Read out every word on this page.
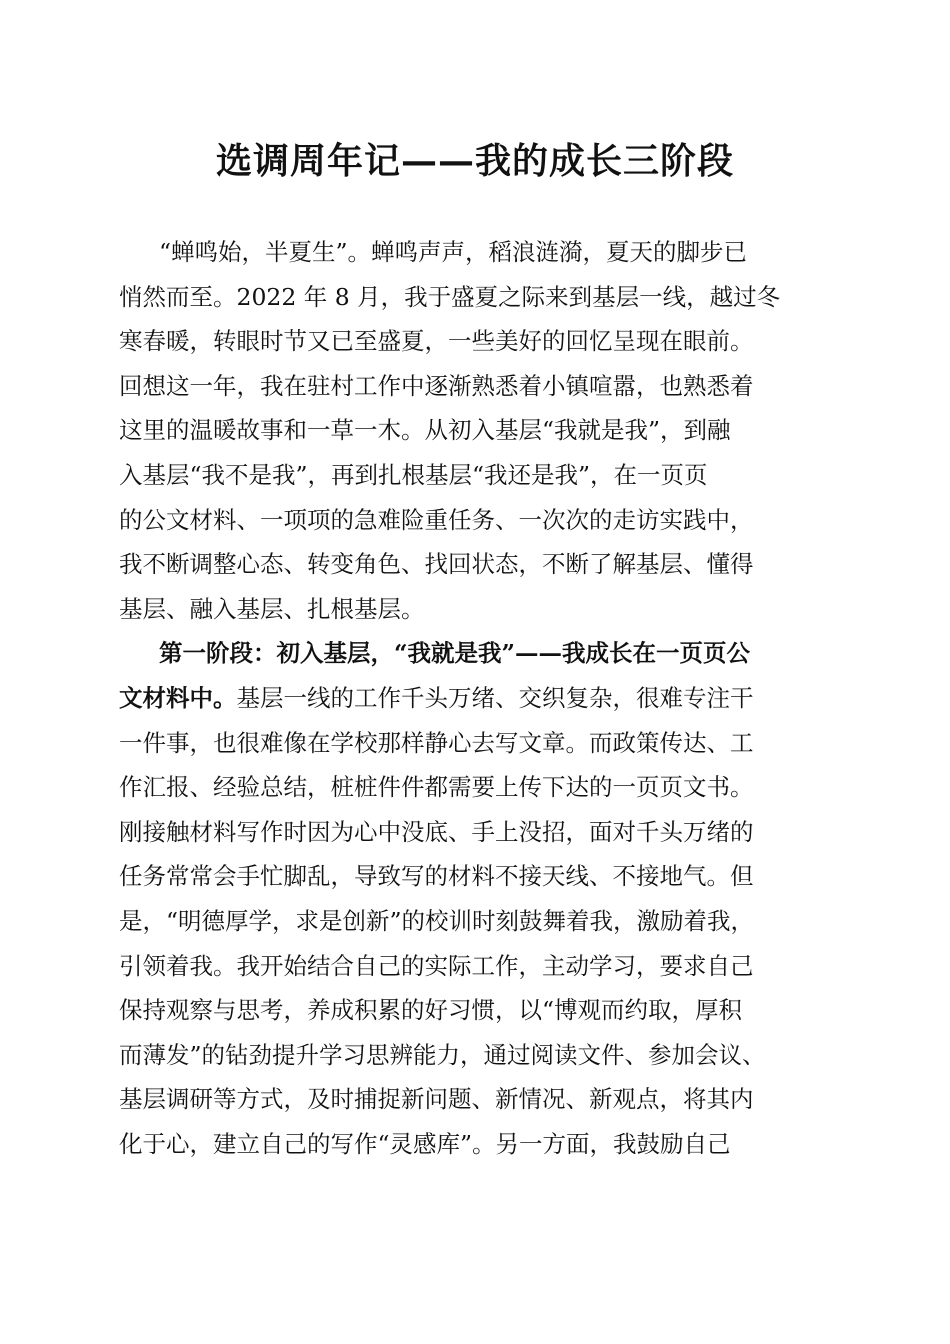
选调周年记——我的成长三阶段
“蝉鸣始，半夏生”。蝉鸣声声，稻浪涟漪，夏天的脚步已
悄然而至。2022 年 8 月，我于盛夏之际来到基层一线，越过冬
寒春暖，转眼时节又已至盛夏，一些美好的回忆呈现在眼前。
回想这一年，我在驻村工作中逐渐熟悉着小镇喧嚣，也熟悉着
这里的温暖故事和一草一木。从初入基层“我就是我”，到融
入基层“我不是我”，再到扎根基层“我还是我”，在一页页
的公文材料、一项项的急难险重任务、一次次的走访实践中，
我不断调整心态、转变角色、找回状态，不断了解基层、懂得
基层、融入基层、扎根基层。
第一阶段：初入基层，“我就是我”——我成长在一页页公
文材料中。基层一线的工作千头万绪、交织复杂，很难专注干
一件事，也很难像在学校那样静心去写文章。而政策传达、工
作汇报、经验总结，桩桩件件都需要上传下达的一页页文书。
刚接触材料写作时因为心中没底、手上没招，面对千头万绪的
任务常常会手忙脚乱，导致写的材料不接天线、不接地气。但
是，“明德厚学，求是创新”的校训时刻鼓舞着我，激励着我，
引领着我。我开始结合自己的实际工作，主动学习，要求自己
保持观察与思考，养成积累的好习惯，以“博观而约取，厚积
而薄发”的钻劲提升学习思辨能力，通过阅读文件、参加会议、
基层调研等方式，及时捕捉新问题、新情况、新观点，将其内
化于心，建立自己的写作“灵感库”。另一方面，我鼓励自己
